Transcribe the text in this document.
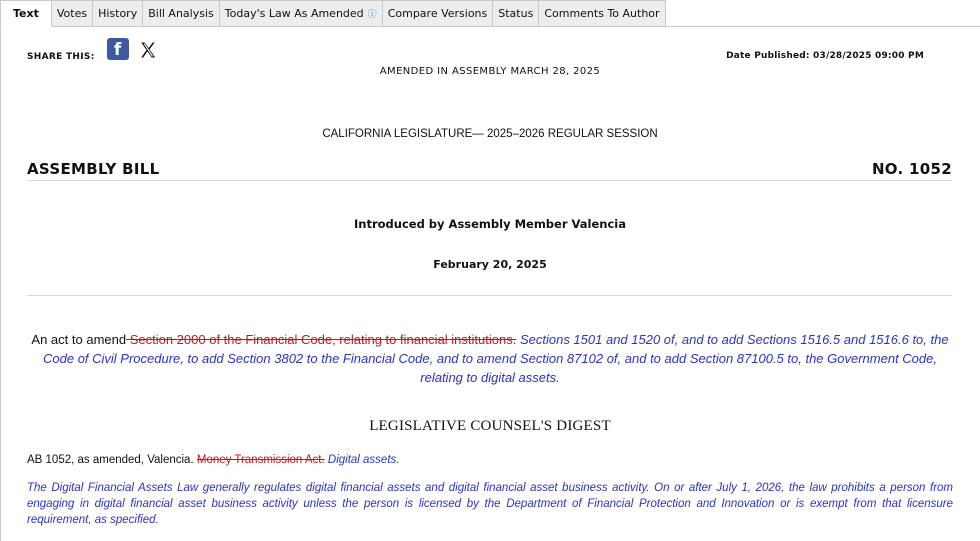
Text	Votes	History	Bill Analysis	Today's Law As Amended ⓘ	Compare Versions	Status	Comments To Author
SHARE THIS:	f	Date Published: 03/28/2025 09:00 PM
AMENDED IN ASSEMBLY MARCH 28, 2025
CALIFORNIA LEGISLATURE— 2025–2026 REGULAR SESSION
ASSEMBLY BILL	NO. 1052
Introduced by Assembly Member Valencia
February 20, 2025
An act to amend Section 2000 of the Financial Code, relating to financial institutions. Sections 1501 and 1520 of, and to add Sections 1516.5 and 1516.6 to, the Code of Civil Procedure, to add Section 3802 to the Financial Code, and to amend Section 87102 of, and to add Section 87100.5 to, the Government Code, relating to digital assets.
LEGISLATIVE COUNSEL'S DIGEST
AB 1052, as amended, Valencia. Money Transmission Act. Digital assets.
The Digital Financial Assets Law generally regulates digital financial assets and digital financial asset business activity. On or after July 1, 2026, the law prohibits a person from engaging in digital financial asset business activity unless the person is licensed by the Department of Financial Protection and Innovation or is exempt from that licensure requirement, as specified.
